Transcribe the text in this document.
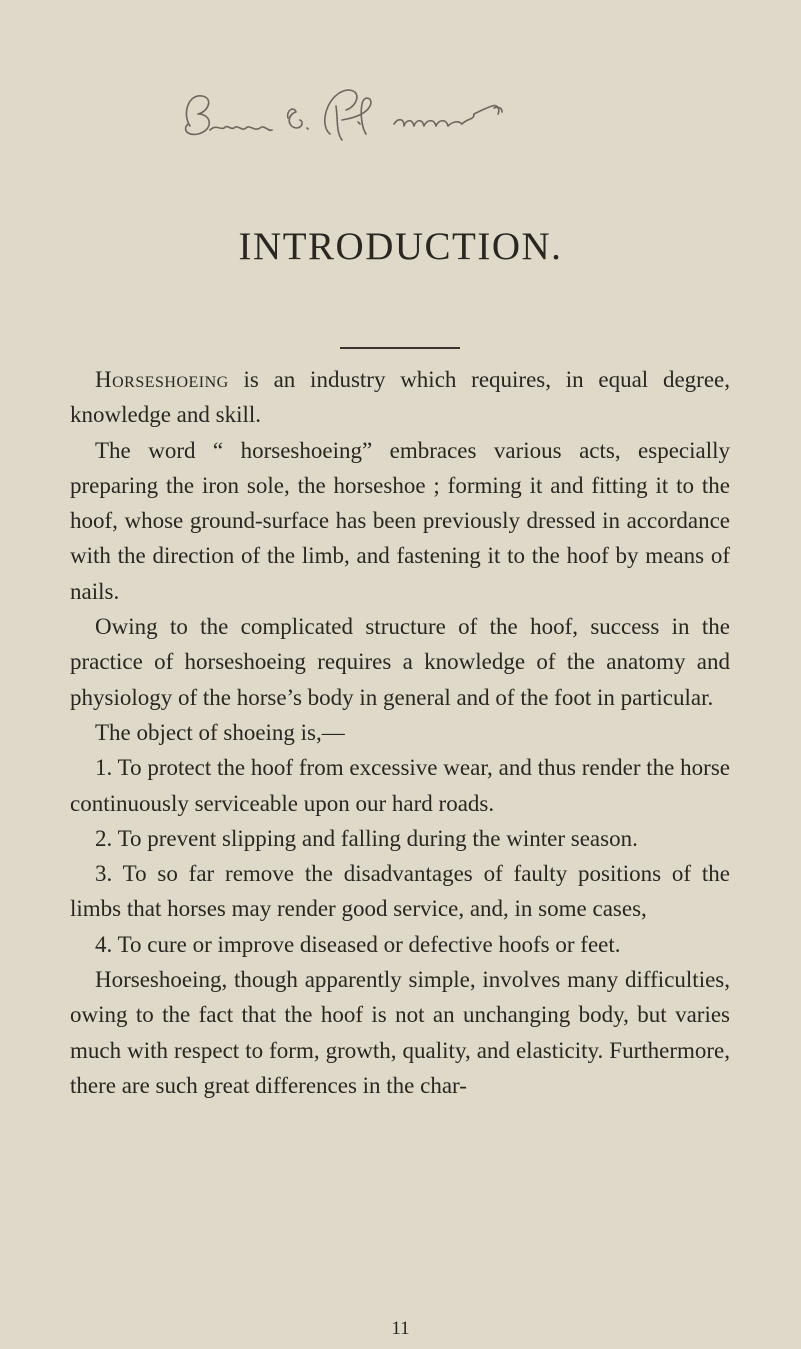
INTRODUCTION.

Horseshoeing is an industry which requires, in equal degree, knowledge and skill.

The word “ horseshoeing” embraces various acts, especially preparing the iron sole, the horseshoe ; forming it and fitting it to the hoof, whose ground-surface has been previously dressed in accordance with the direction of the limb, and fastening it to the hoof by means of nails.

Owing to the complicated structure of the hoof, success in the practice of horseshoeing requires a knowledge of the anatomy and physiology of the horse’s body in general and of the foot in particular.

The object of shoeing is,—

1. To protect the hoof from excessive wear, and thus render the horse continuously serviceable upon our hard roads.

2. To prevent slipping and falling during the winter season.

3. To so far remove the disadvantages of faulty positions of the limbs that horses may render good service, and, in some cases,

4. To cure or improve diseased or defective hoofs or feet.

Horseshoeing, though apparently simple, involves many difficulties, owing to the fact that the hoof is not an unchanging body, but varies much with respect to form, growth, quality, and elasticity. Furthermore, there are such great differences in the char-

11
